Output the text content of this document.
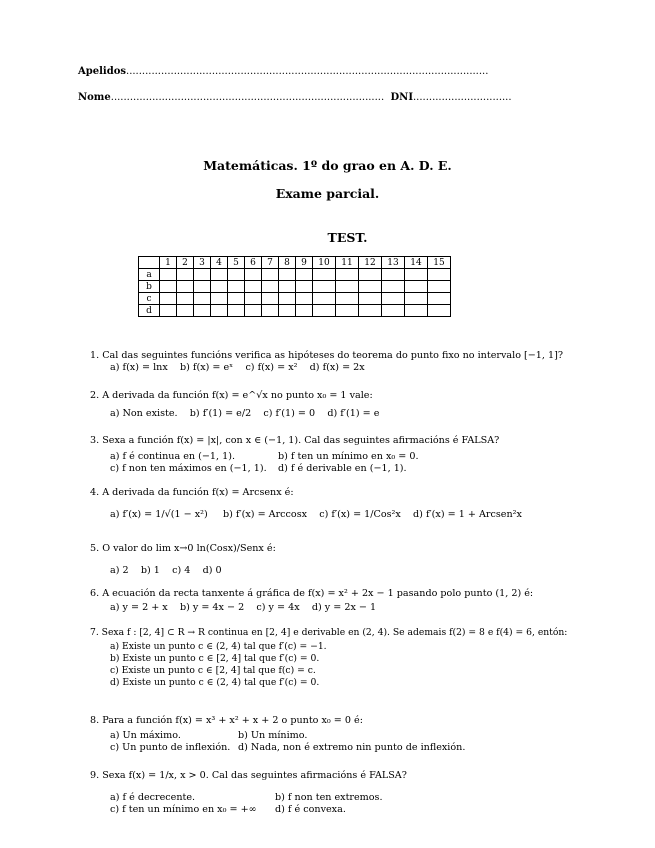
Apelidos..................................................................................................................
Nome...................................................................................... DNI...............................
Matemáticas. 1º do grao en A. D. E.
Exame parcial.
TEST.
	1	2	3	4	5	6	7	8	9	10	11	12	13	14	15
a															
b															
c															
d															
1. Cal das seguintes funcións verifica as hipóteses do teorema do punto fixo no intervalo [−1, 1]?
a) f(x) = lnx b) f(x) = eˣ c) f(x) = x² d) f(x) = 2x
2. A derivada da función f(x) = e^√x no punto x₀ = 1 vale:
a) Non existe. b) f′(1) = e/2 c) f′(1) = 0 d) f′(1) = e
3. Sexa a función f(x) = |x|, con x ∈ (−1, 1). Cal das seguintes afirmacións é FALSA?
a) f é continua en (−1, 1).	b) f ten un mínimo en x₀ = 0.
c) f non ten máximos en (−1, 1). d) f é derivable en (−1, 1).
4. A derivada da función f(x) = Arcsenx é:
a) f′(x) = 1/√(1 − x²) b) f′(x) = Arccosx c) f′(x) = 1/Cos²x d) f′(x) = 1 + Arcsen²x
5. O valor do lim x→0 ln(Cosx)/Senx é:
a) 2 b) 1 c) 4 d) 0
6. A ecuación da recta tanxente á gráfica de f(x) = x² + 2x − 1 pasando polo punto (1, 2) é:
a) y = 2 + x b) y = 4x − 2 c) y = 4x d) y = 2x − 1
7. Sexa f : [2, 4] ⊂ R → R continua en [2, 4] e derivable en (2, 4). Se ademais f(2) = 8 e f(4) = 6, entón:
a) Existe un punto c ∈ (2, 4) tal que f′(c) = −1.
b) Existe un punto c ∈ [2, 4] tal que f′(c) = 0.
c) Existe un punto c ∈ [2, 4] tal que f(c) = c.
d) Existe un punto c ∈ (2, 4) tal que f′(c) = 0.
8. Para a función f(x) = x³ + x² + x + 2 o punto x₀ = 0 é:
a) Un máximo.	b) Un mínimo.
c) Un punto de inflexión. d) Nada, non é extremo nin punto de inflexión.
9. Sexa f(x) = 1/x, x > 0. Cal das seguintes afirmacións é FALSA?
a) f é decrecente.	b) f non ten extremos.
c) f ten un mínimo en x₀ = +∞ d) f é convexa.
